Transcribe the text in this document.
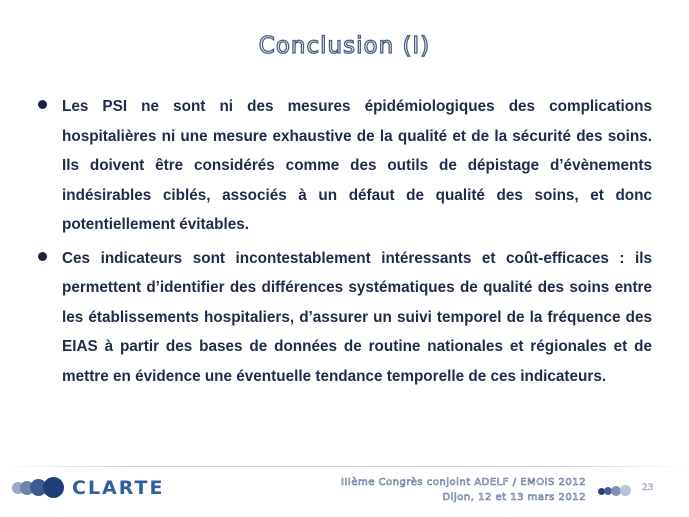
Conclusion (I)
Les PSI ne sont ni des mesures épidémiologiques des complications hospitalières ni une mesure exhaustive de la qualité et de la sécurité des soins. Ils doivent être considérés comme des outils de dépistage d’évènements indésirables ciblés, associés à un défaut de qualité des soins, et donc potentiellement évitables.
Ces indicateurs sont incontestablement intéressants et coût-efficaces : ils permettent d’identifier des différences systématiques de qualité des soins entre les établissements hospitaliers, d’assurer un suivi temporel de la fréquence des EIAS à partir des bases de données de routine nationales et régionales et de mettre en évidence une éventuelle tendance temporelle de ces indicateurs.
CLARTE	IIIème Congrès conjoint ADELF / EMOIS 2012
Dijon, 12 et 13 mars 2012
23
